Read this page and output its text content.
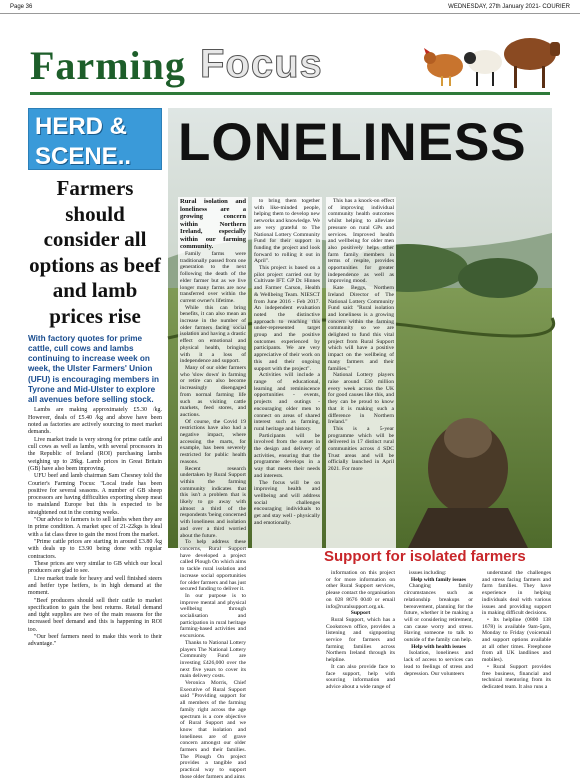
Page 36	WEDNESDAY, 27th January 2021- COURIER
Farming Focus
HERD &
SCENE..
Farmers should consider all options as beef and lamb prices rise
With factory quotes for prime cattle, cull cows and lambs continuing to increase week on week, the Ulster Farmers' Union (UFU) is encouraging members in Tyrone and Mid-Ulster to explore all avenues before selling stock.

Lambs are making approximately £5.30 /kg. However, deals of £5.40 /kg and above have been noted as factories are actively sourcing to meet market demands.

Live market trade is very strong for prime cattle and cull cows as well as lambs, with several processors in the Republic of Ireland (ROI) purchasing lambs weighing up to 28kg. Lamb prices in Great Britain (GB) have also been improving.

UFU beef and lamb chairman Sam Chesney told the Courier's Farming Focus: "Local trade has been positive for several seasons. A number of GB sheep processors are having difficulties exporting sheep meat to mainland Europe but this is expected to be straightened out in the coming weeks.

"Our advice to farmers is to sell lambs when they are in prime condition. A market spec of 21-22kgs is ideal with a fat class three to gain the most from the market.

"Prime cattle prices are starting in around £3.80 /kg with deals up to £3.90 being done with regular contractors.

These prices are very similar to GB which our local producers are glad to see.

Live market trade for heavy and well finished steers and heifer type heifers, is in high demand at the moment.

"Beef producers should sell their cattle to market specification to gain the best returns. Retail demand and tight supplies are two of the main reasons for the increased beef demand and this is happening in ROI too.

"Our beef farmers need to make this work to their advantage."

LONELINESS

Rural isolation and loneliness are a growing concern within Northern Ireland, especially within our farming community.

Family farms were traditionally passed from one generation to the next following the death of the elder farmer but as we live longer many farms are now transferred over within the current owner's lifetime.

While this can bring benefits, it can also mean an increase in the number of older farmers facing social isolation and having a drastic effect on emotional and physical health, bringing with it a loss of independence and support.

Many of our older farmers who 'slow down' in farming or retire can also become increasingly disengaged from normal farming life such as visiting cattle markets, feed stores, and auctions.

Of course, the Covid 19 restrictions have also had a negative impact, where accessing the marts, for example, has been severely restricted for public health reasons.

Recent research undertaken by Rural Support within the farming community indicates that this isn't a problem that is likely to go away with almost a third of the respondents 'being concerned with loneliness and isolation and over a third worried about the future.

To help address these concerns, Rural Support have developed a project called Plough On which aims to tackle rural isolation and increase social opportunities for older farmers and has just secured funding to deliver it.

In our purpose is to improve mental and physical wellbeing through socialisation and participation in rural heritage farming-based activities and excursions.

Thanks to National Lottery players The National Lottery Community Fund are investing £426,000 over the next five years to cover its main delivery costs.

Veronica Morris, Chief Executive of Rural Support said "Providing support for all members of the farming family right across the age spectrum is a core objective of Rural Support and we know that isolation and loneliness are of grave concern amongst our older farmers and their families. The Plough On project provides a tangible and practical way to support those older farmers and aims

to bring them together with like-minded people, helping them to develop new networks and knowledge. We are very grateful to The National Lottery Community Fund for their support in funding the project and look forward to rolling it out in April".

This project is based on a pilot project carried out by Cultivate IFT. GP Dr. Hinnes and Farmer Carson, Health & Wellbeing Team. NIESCT from June 2016 - Feb 2017. An independent evaluation noted the distinctive approach to reaching this under-represented target group and the positive outcomes experienced by participants. We are very appreciative of their work on this and their ongoing support with the project".

Activities will include a range of educational, learning and reminiscence opportunities - events, projects and outings - encouraging older men to connect on areas of shared interest such as farming, rural heritage and history.

Participants will be involved from the outset in the design and delivery of activities, ensuring that the programme develops in a way that meets their needs and interests.

The focus will be on improving health and wellbeing and will address social challenges encouraging individuals to get and stay well - physically and emotionally.

This has a knock-on effect of improving individual community health outcomes whilst helping to alleviate pressure on rural GPs and services. Improved health and wellbeing for older men also positively helps other farm family members in terms of respite, provides opportunities for greater independence as well as improving mood.

Kate Beggs, Northern Ireland Director of The National Lottery Community Fund said: "Rural isolation and loneliness is a growing concern within the farming community so we are delighted to fund this vital project from Rural Support which will have a positive impact on the wellbeing of many farmers and their families."

National Lottery players raise around £30 million every week across the UK for good causes like this, and they can be proud to know that it is making such a difference in Northern Ireland."

This is a 5-year programme which will be delivered in 17 distinct rural communities across 4 SDC Trust areas and will be officially launched in April 2021. For more

Support for isolated farmers

information on this project or for more information on other Rural Support services, please contact the organisation on 028 8676 0040 or email info@ruralsupport.org.uk.

Support

Rural Support, which has a Cookstown office, provides a listening and signposting service for farmers and farming families across Northern Ireland through its helpline.

It can also provide face to face support, help with sourcing information and advice about a wide range of

issues including:

Help with family issues

Changing family circumstances such as relationship breakups or bereavement, planning for the future, whether it be making a will or considering retirement, can cause worry and stress. Having someone to talk to outside of the family can help.

Help with health issues

Isolation, loneliness and lack of access to services can lead to feelings of stress and depression. Our volunteers

understand the challenges and stress facing farmers and farm families. They have experience in helping individuals deal with various issues and providing support in making difficult decisions.

• Its helpline (0800 138 1678) is available 9am-5pm, Monday to Friday (voicemail and support options available at all other times. Freephone from all UK landlines and mobiles).

• Rural Support provides free business, financial and technical mentoring from its dedicated team. It also runs a
